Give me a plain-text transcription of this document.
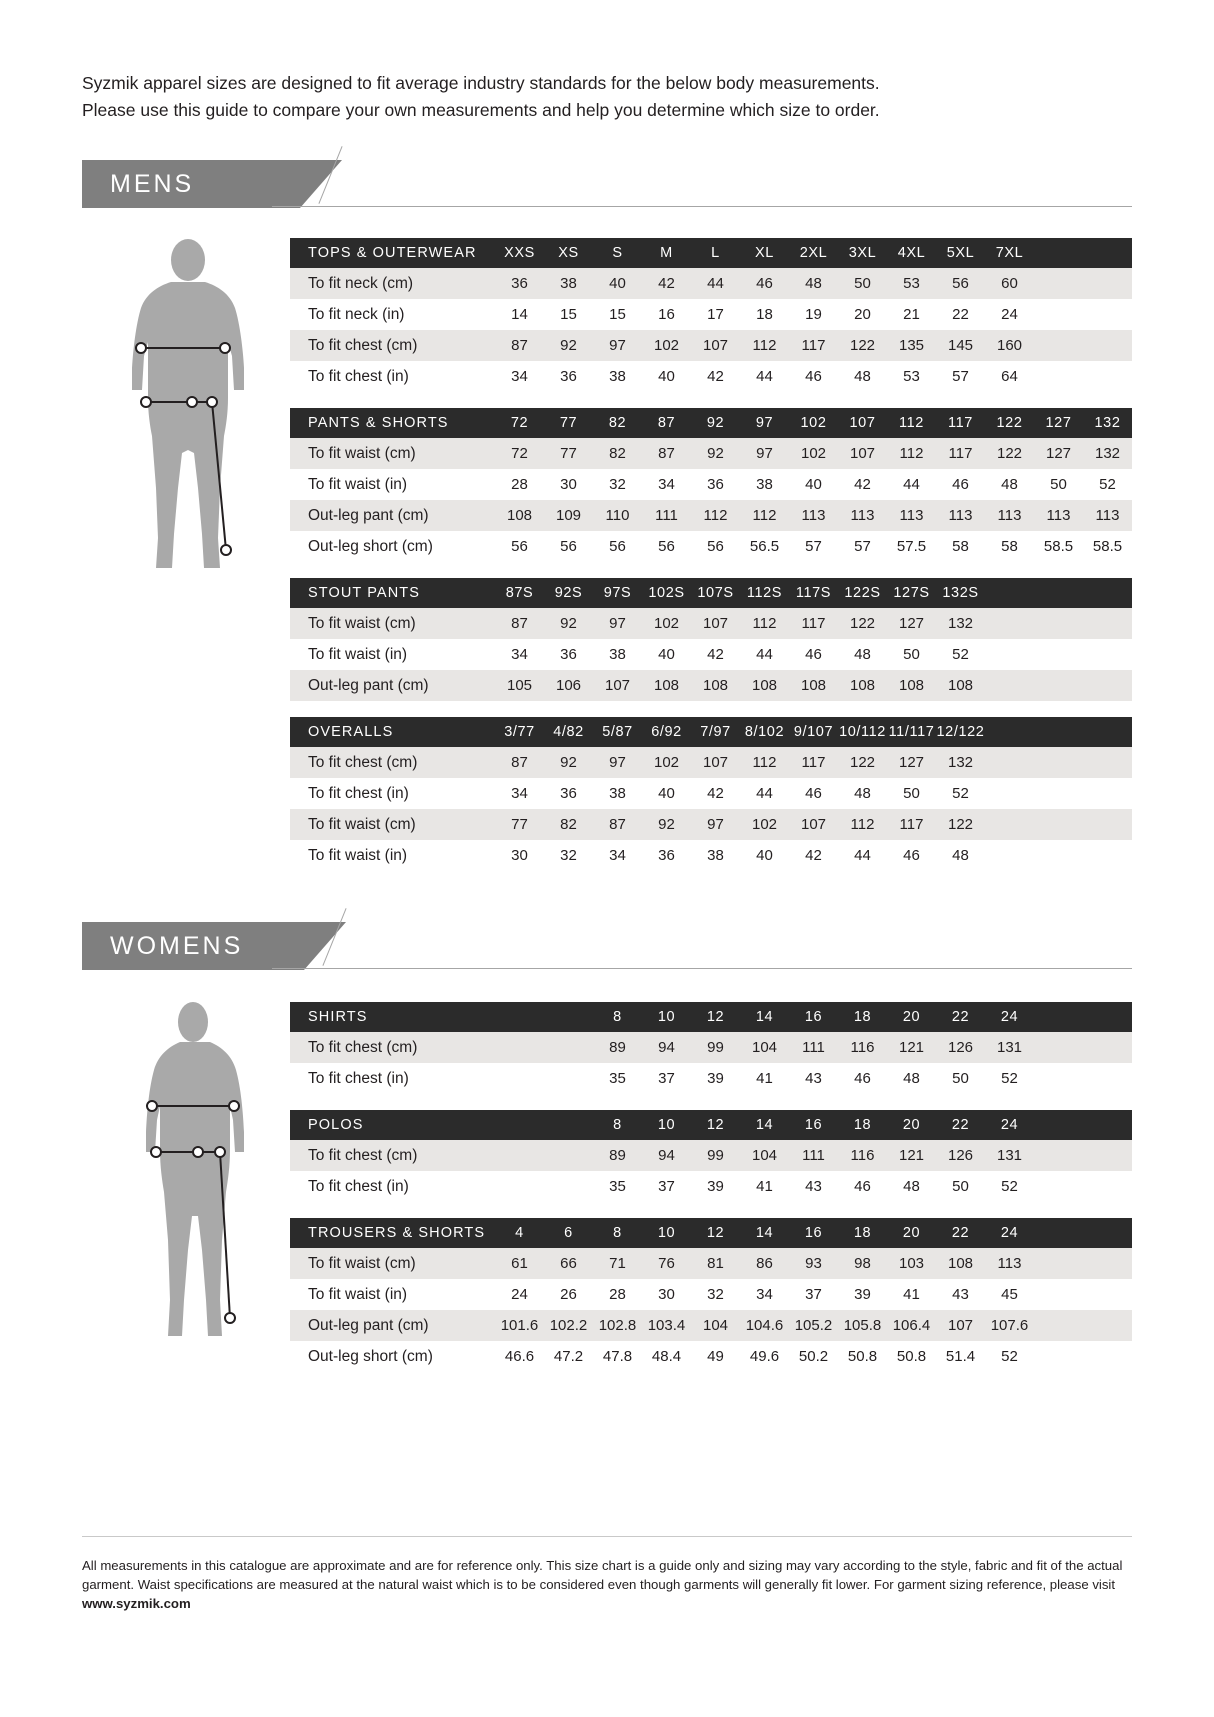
Syzmik apparel sizes are designed to fit average industry standards for the below body measurements.
Please use this guide to compare your own measurements and help you determine which size to order.
MENS
TOPS & OUTERWEAR	XXS	XS	S	M	L	XL	2XL	3XL	4XL	5XL	7XL		
To fit neck (cm)	36	38	40	42	44	46	48	50	53	56	60		
To fit neck (in)	14	15	15	16	17	18	19	20	21	22	24		
To fit chest (cm)	87	92	97	102	107	112	117	122	135	145	160		
To fit chest (in)	34	36	38	40	42	44	46	48	53	57	64		
PANTS & SHORTS	72	77	82	87	92	97	102	107	112	117	122	127	132
To fit waist (cm)	72	77	82	87	92	97	102	107	112	117	122	127	132
To fit waist (in)	28	30	32	34	36	38	40	42	44	46	48	50	52
Out-leg pant (cm)	108	109	110	111	112	112	113	113	113	113	113	113	113
Out-leg short (cm)	56	56	56	56	56	56.5	57	57	57.5	58	58	58.5	58.5
STOUT PANTS	87S	92S	97S	102S	107S	112S	117S	122S	127S	132S			
To fit waist (cm)	87	92	97	102	107	112	117	122	127	132			
To fit waist (in)	34	36	38	40	42	44	46	48	50	52			
Out-leg pant (cm)	105	106	107	108	108	108	108	108	108	108			
OVERALLS	3/77	4/82	5/87	6/92	7/97	8/102	9/107	10/112	11/117	12/122			
To fit chest (cm)	87	92	97	102	107	112	117	122	127	132			
To fit chest (in)	34	36	38	40	42	44	46	48	50	52			
To fit waist (cm)	77	82	87	92	97	102	107	112	117	122			
To fit waist (in)	30	32	34	36	38	40	42	44	46	48			
WOMENS
SHIRTS			8	10	12	14	16	18	20	22	24		
To fit chest (cm)			89	94	99	104	111	116	121	126	131		
To fit chest (in)			35	37	39	41	43	46	48	50	52		
POLOS			8	10	12	14	16	18	20	22	24		
To fit chest (cm)			89	94	99	104	111	116	121	126	131		
To fit chest (in)			35	37	39	41	43	46	48	50	52		
TROUSERS & SHORTS	4	6	8	10	12	14	16	18	20	22	24		
To fit waist (cm)	61	66	71	76	81	86	93	98	103	108	113		
To fit waist (in)	24	26	28	30	32	34	37	39	41	43	45		
Out-leg pant (cm)	101.6	102.2	102.8	103.4	104	104.6	105.2	105.8	106.4	107	107.6		
Out-leg short (cm)	46.6	47.2	47.8	48.4	49	49.6	50.2	50.8	50.8	51.4	52		
All measurements in this catalogue are approximate and are for reference only. This size chart is a guide only and sizing may vary according to the style, fabric and fit of the actual garment. Waist specifications are measured at the natural waist which is to be considered even though garments will generally fit lower. For garment sizing reference, please visit www.syzmik.com
